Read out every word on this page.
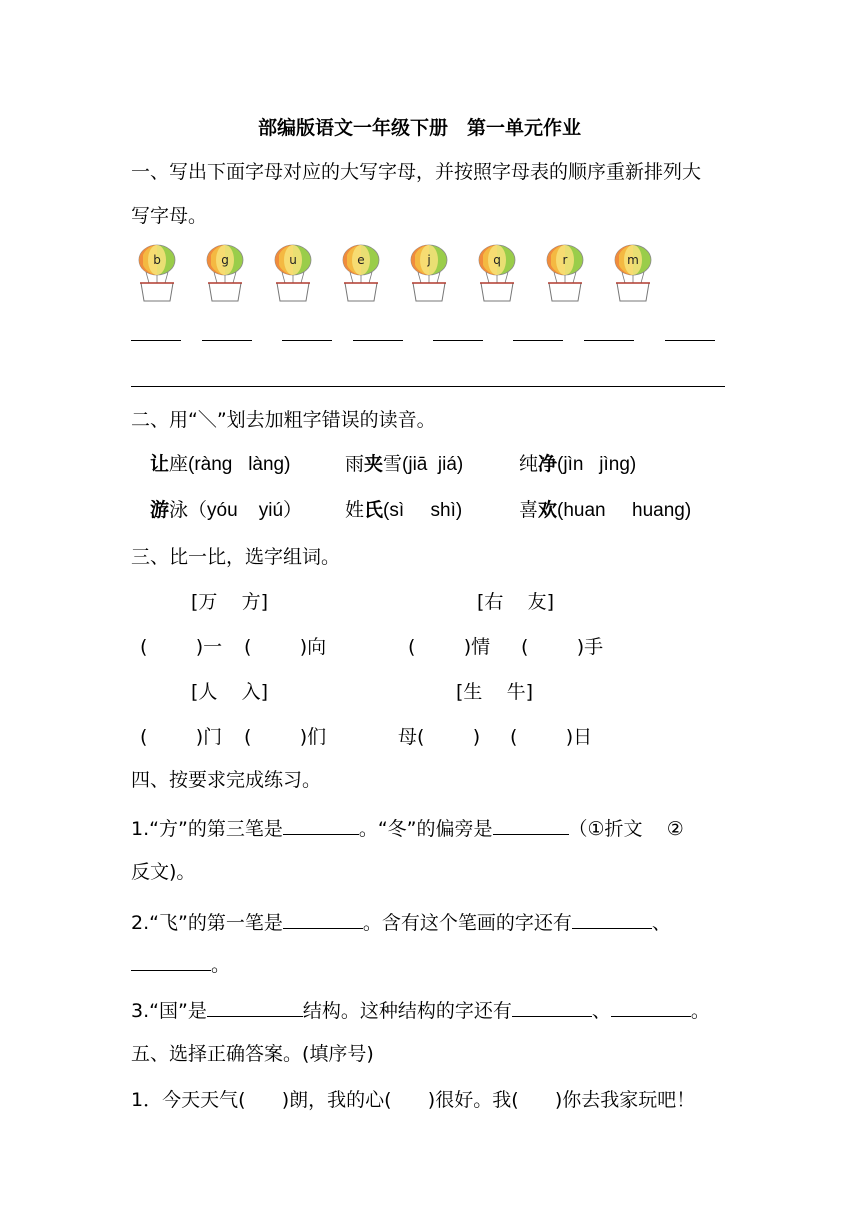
部编版语文一年级下册　第一单元作业
一、写出下面字母对应的大写字母，并按照字母表的顺序重新排列大
写字母。
b	g	u	e	j	q	r	m
二、用“＼”划去加粗字错误的读音。
让座(ràng   làng)	雨夹雪(jiā  jiá)	纯净(jìn   jìng)
游泳（yóu    yiú） 姓氏(sì     shì)	喜欢(huan     huang)
三、比一比，选字组词。
[万    方]	[右    友]
(        )一 (        )向	(        )情 (        )手
[人    入]	[生    牛]
(        )门 (        )们	母(        ) (        )日
四、按要求完成练习。
1.“方”的第三笔是	。“冬”的偏旁是	（①折文    ②
反文)。
2.“飞”的第一笔是	。含有这个笔画的字还有	、
。
3.“国”是	结构。这种结构的字还有	、	。
五、选择正确答案。(填序号)
1．今天天气(      )朗，我的心(      )很好。我(      )你去我家玩吧！
